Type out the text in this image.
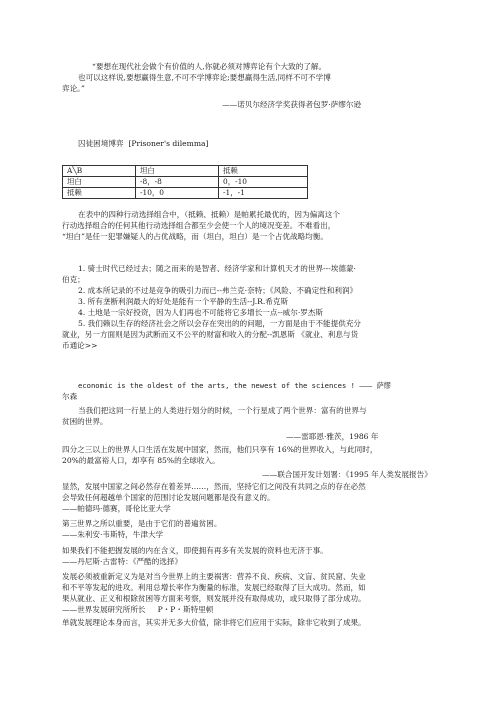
“要想在现代社会做个有价值的人,你就必须对博弈论有个大致的了解。

也可以这样说,要想赢得生意,不可不学博弈论;要想赢得生活,同样不可不学博

弈论。”

——诺贝尔经济学奖获得者包罗·萨缪尔逊

囚徒困境博弈  [Prisoner's dilemma]

A╲B	坦白	抵赖
坦白	-8，-8	0，-10
抵赖	-10，0	-1，-1

在表中的四种行动选择组合中，（抵赖、抵赖）是帕累托最优的，因为偏离这个

行动选择组合的任何其他行动选择组合都至少会使一个人的境况变差。不难看出，

“坦白”是任一犯罪嫌疑人的占优战略，而（坦白，坦白）是一个占优战略均衡。

1. 骑士时代已经过去；随之而来的是智者、经济学家和计算机天才的世界---埃德蒙·

伯克；

2. 成本所记录的不过是竞争的吸引力而已--弗兰克·奈特；《风险、不确定性和利润》

3. 所有垄断利润最大的好处是能有一个平静的生活--J.R.希克斯

4. 土地是一宗好投资，因为人们再也不可能将它多增长一点--威尔·罗杰斯

5. 我们赖以生存的经济社会之所以会存在突出的的问题，一方面是由于不能提供充分

就业，另一方面则是因为武断而又不公平的财富和收入的分配--凯恩斯 《就业、利息与货

币通论>>

economic is the oldest of the arts, the newest of the sciences ! ——— 萨缪

尔森

当我们把这同一行星上的人类进行划分的时候，一个行星成了两个世界：富有的世界与

贫困的世界。

——雷耶恩·雅茨，1986 年

四分之三以上的世界人口生活在发展中国家，然而，他们只享有 16%的世界收入，与此同时，

20%的最富裕人口，却享有 85%的全球收入。

——联合国开发计划署：《1995 年人类发展报告》

显然，发展中国家之间必然存在着差异……，然而，坚持它们之间没有共同之点的存在必然

会导致任何超越单个国家的范围讨论发展问题都是没有意义的。

——帕德玛·德赛，哥伦比亚大学

第三世界之所以重要，是由于它们的普遍贫困。

——朱利安·韦斯特，牛津大学

如果我们不能把握发展的内在含义，即使拥有再多有关发展的资料也无济于事。

——丹尼斯·古雷特：《严酷的选择》

发展必须被重新定义为是对当今世界上的主要祸害：营养不良、疾病、文盲、贫民窟、失业

和不平等发起的进攻。利用总增长率作为衡量的标准，发展已经取得了巨大成功。然而，如

果从就业、正义和根除贫困等方面来考察，则发展并没有取得成功，或只取得了部分成功。

——世界发展研究所所长     P・P・斯特里顿

单就发展理论本身而言，其实并无多大价值，除非将它们应用于实际，除非它收到了成果。
